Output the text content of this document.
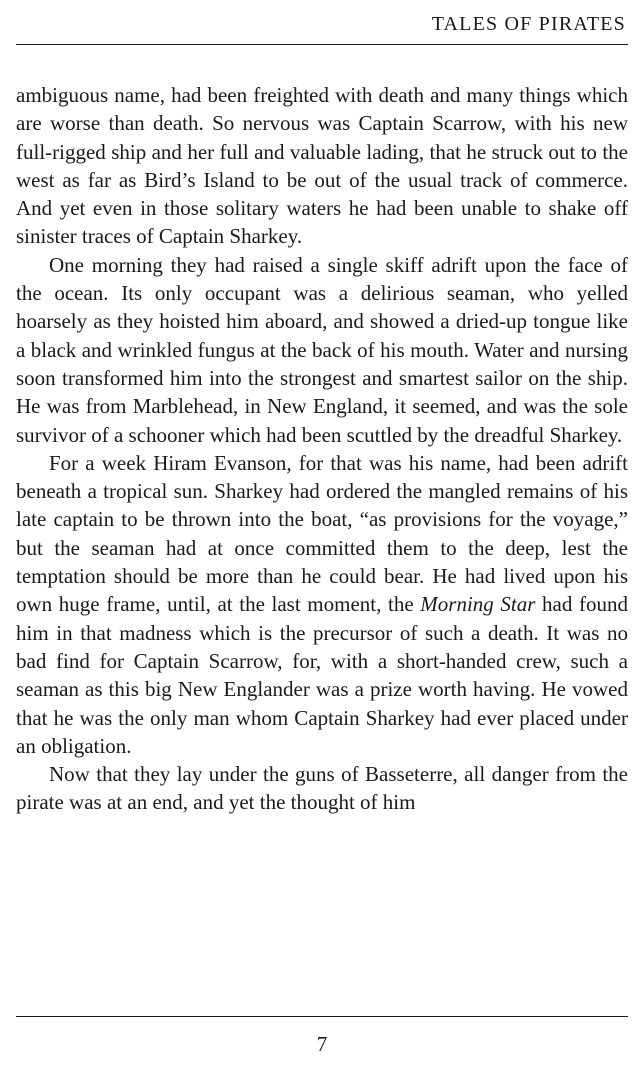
TALES OF PIRATES

ambiguous name, had been freighted with death and many things which are worse than death. So nervous was Captain Scarrow, with his new full-rigged ship and her full and valuable lading, that he struck out to the west as far as Bird’s Island to be out of the usual track of commerce. And yet even in those solitary waters he had been unable to shake off sinister traces of Captain Sharkey.

One morning they had raised a single skiff adrift upon the face of the ocean. Its only occupant was a delirious seaman, who yelled hoarsely as they hoisted him aboard, and showed a dried-up tongue like a black and wrinkled fungus at the back of his mouth. Water and nursing soon transformed him into the strongest and smartest sailor on the ship. He was from Marblehead, in New England, it seemed, and was the sole survivor of a schooner which had been scuttled by the dreadful Sharkey.

For a week Hiram Evanson, for that was his name, had been adrift beneath a tropical sun. Sharkey had ordered the mangled remains of his late captain to be thrown into the boat, “as provisions for the voyage,” but the seaman had at once committed them to the deep, lest the temptation should be more than he could bear. He had lived upon his own huge frame, until, at the last moment, the Morning Star had found him in that madness which is the precursor of such a death. It was no bad find for Captain Scarrow, for, with a short-handed crew, such a seaman as this big New Englander was a prize worth having. He vowed that he was the only man whom Captain Sharkey had ever placed under an obligation.

Now that they lay under the guns of Basseterre, all danger from the pirate was at an end, and yet the thought of him

7
